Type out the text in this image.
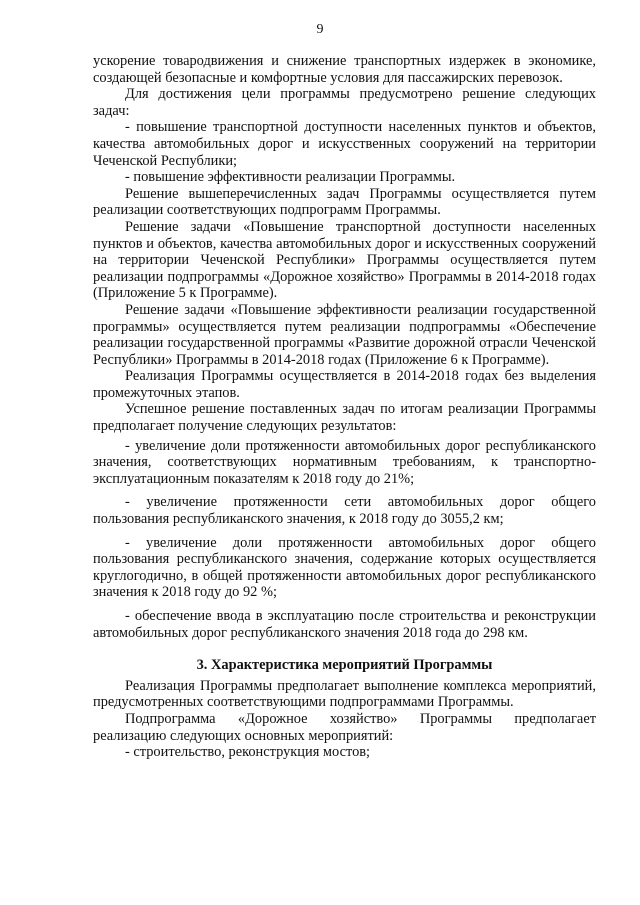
9

ускорение товародвижения и снижение транспортных издержек в экономике, создающей безопасные и комфортные условия для пассажирских перевозок.

Для достижения цели программы предусмотрено решение следующих задач:

- повышение транспортной доступности населенных пунктов и объектов, качества автомобильных дорог и искусственных сооружений на территории Чеченской Республики;

- повышение эффективности реализации Программы.

Решение вышеперечисленных задач Программы осуществляется путем реализации соответствующих подпрограмм Программы.

Решение задачи «Повышение транспортной доступности населенных пунктов и объектов, качества автомобильных дорог и искусственных сооружений на территории Чеченской Республики» Программы осуществляется путем реализации подпрограммы «Дорожное хозяйство» Программы в 2014-2018 годах (Приложение 5 к Программе).

Решение задачи «Повышение эффективности реализации государственной программы» осуществляется путем реализации подпрограммы «Обеспечение реализации государственной программы «Развитие дорожной отрасли Чеченской Республики» Программы в 2014-2018 годах (Приложение 6 к Программе).

Реализация Программы осуществляется в 2014-2018 годах без выделения промежуточных этапов.

Успешное решение поставленных задач по итогам реализации Программы предполагает получение следующих результатов:

- увеличение доли протяженности автомобильных дорог республиканского значения, соответствующих нормативным требованиям, к транспортно-эксплуатационным показателям к 2018 году до 21%;

- увеличение протяженности сети автомобильных дорог общего пользования республиканского значения, к 2018 году до 3055,2 км;

- увеличение доли протяженности автомобильных дорог общего пользования республиканского значения, содержание которых осуществляется круглогодично, в общей протяженности автомобильных дорог республиканского значения к 2018 году до 92 %;

- обеспечение ввода в эксплуатацию после строительства и реконструкции автомобильных дорог республиканского значения 2018 года до 298 км.

3. Характеристика мероприятий Программы

Реализация Программы предполагает выполнение комплекса мероприятий, предусмотренных соответствующими подпрограммами Программы.

Подпрограмма «Дорожное хозяйство» Программы предполагает реализацию следующих основных мероприятий:

- строительство, реконструкция мостов;
